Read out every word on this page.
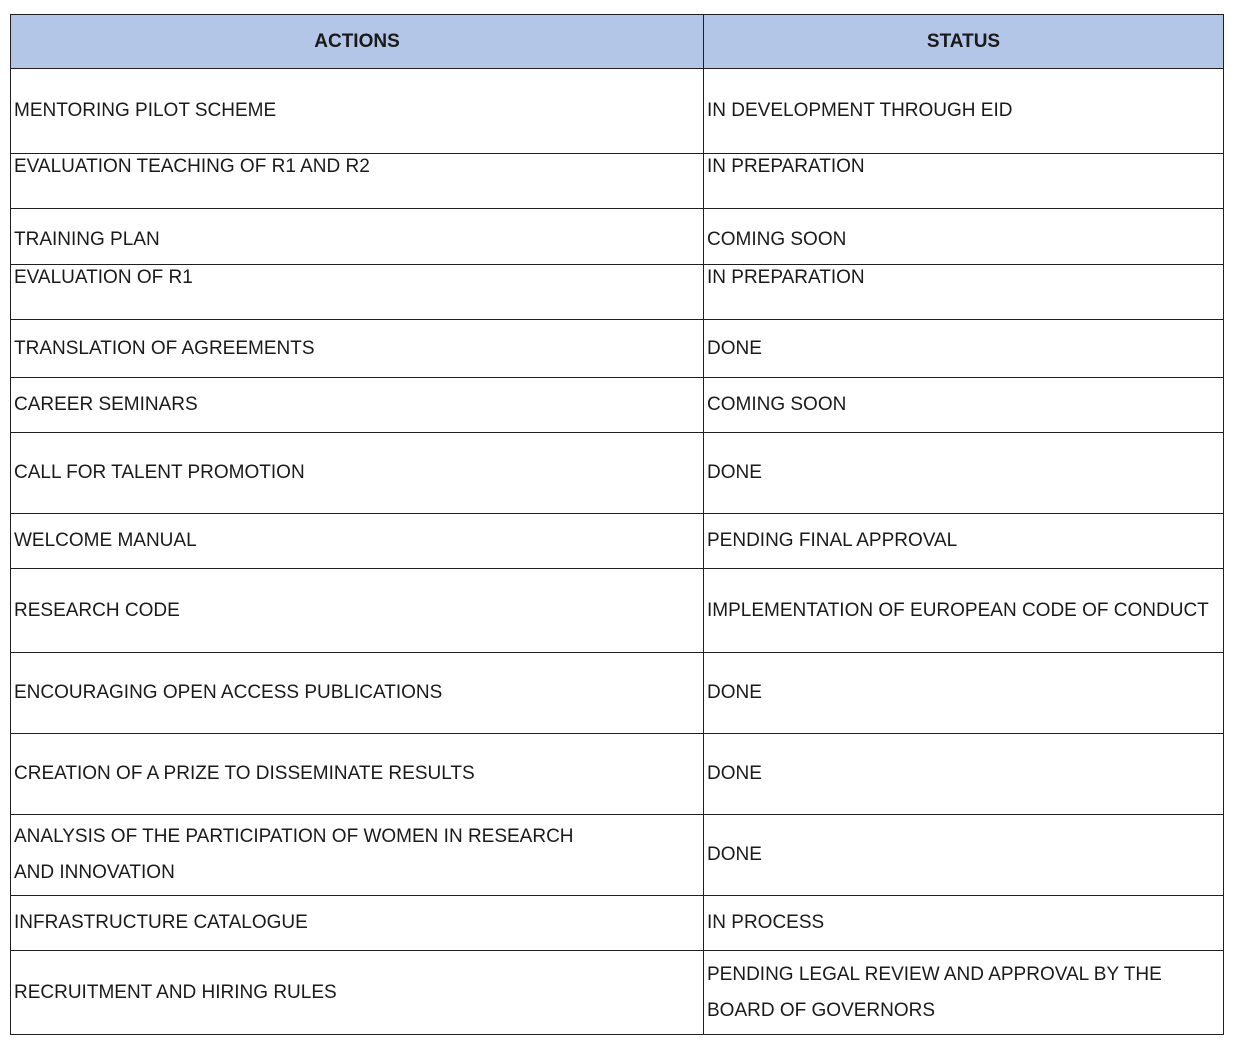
ACTIONS	STATUS

MENTORING PILOT SCHEME	IN DEVELOPMENT THROUGH EID

EVALUATION TEACHING OF R1 AND R2	IN PREPARATION

TRAINING PLAN	COMING SOON

EVALUATION OF R1	IN PREPARATION

TRANSLATION OF AGREEMENTS	DONE

CAREER SEMINARS	COMING SOON

CALL FOR TALENT PROMOTION	DONE

WELCOME MANUAL	PENDING FINAL APPROVAL

RESEARCH CODE	IMPLEMENTATION OF EUROPEAN CODE OF CONDUCT

ENCOURAGING OPEN ACCESS PUBLICATIONS	DONE

CREATION OF A PRIZE TO DISSEMINATE RESULTS	DONE

ANALYSIS OF THE PARTICIPATION OF WOMEN IN RESEARCH AND INNOVATION	DONE

INFRASTRUCTURE CATALOGUE	IN PROCESS

RECRUITMENT AND HIRING RULES	PENDING LEGAL REVIEW AND APPROVAL BY THE BOARD OF GOVERNORS
